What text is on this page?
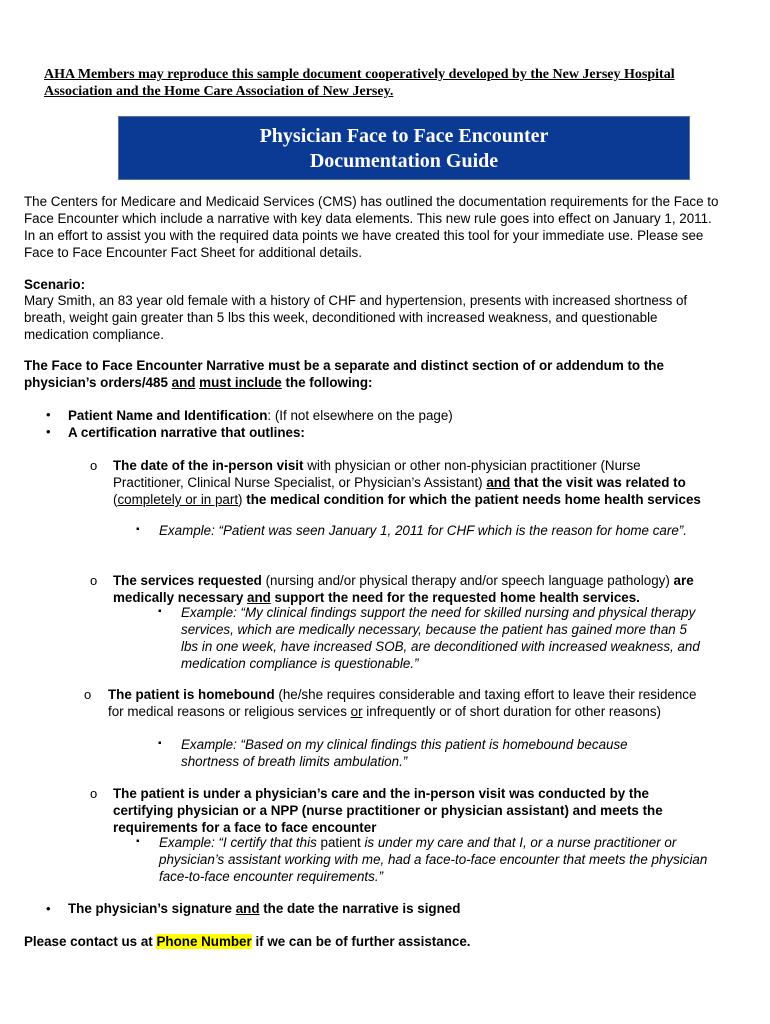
AHA Members may reproduce this sample document cooperatively developed by the New Jersey Hospital Association and the Home Care Association of New Jersey.
Physician Face to Face Encounter
Documentation Guide
The Centers for Medicare and Medicaid Services (CMS) has outlined the documentation requirements for the Face to Face Encounter which include a narrative with key data elements. This new rule goes into effect on January 1, 2011. In an effort to assist you with the required data points we have created this tool for your immediate use. Please see Face to Face Encounter Fact Sheet for additional details.
Scenario:
Mary Smith, an 83 year old female with a history of CHF and hypertension, presents with increased shortness of breath, weight gain greater than 5 lbs this week, deconditioned with increased weakness, and questionable medication compliance.
The Face to Face Encounter Narrative must be a separate and distinct section of or addendum to the physician’s orders/485 and must include the following:
• Patient Name and Identification: (If not elsewhere on the page)
• A certification narrative that outlines:
o The date of the in-person visit with physician or other non-physician practitioner (Nurse Practitioner, Clinical Nurse Specialist, or Physician’s Assistant) and that the visit was related to (completely or in part) the medical condition for which the patient needs home health services
▪ Example: “Patient was seen January 1, 2011 for CHF which is the reason for home care”.
o The services requested (nursing and/or physical therapy and/or speech language pathology) are medically necessary and support the need for the requested home health services.
▪ Example: “My clinical findings support the need for skilled nursing and physical therapy services, which are medically necessary, because the patient has gained more than 5 lbs in one week, have increased SOB, are deconditioned with increased weakness, and medication compliance is questionable.”
o The patient is homebound (he/she requires considerable and taxing effort to leave their residence for medical reasons or religious services or infrequently or of short duration for other reasons)
▪ Example: “Based on my clinical findings this patient is homebound because shortness of breath limits ambulation.”
o The patient is under a physician’s care and the in-person visit was conducted by the certifying physician or a NPP (nurse practitioner or physician assistant) and meets the requirements for a face to face encounter
▪ Example: “I certify that this patient is under my care and that I, or a nurse practitioner or physician’s assistant working with me, had a face-to-face encounter that meets the physician face-to-face encounter requirements.”
• The physician’s signature and the date the narrative is signed
Please contact us at Phone Number if we can be of further assistance.
